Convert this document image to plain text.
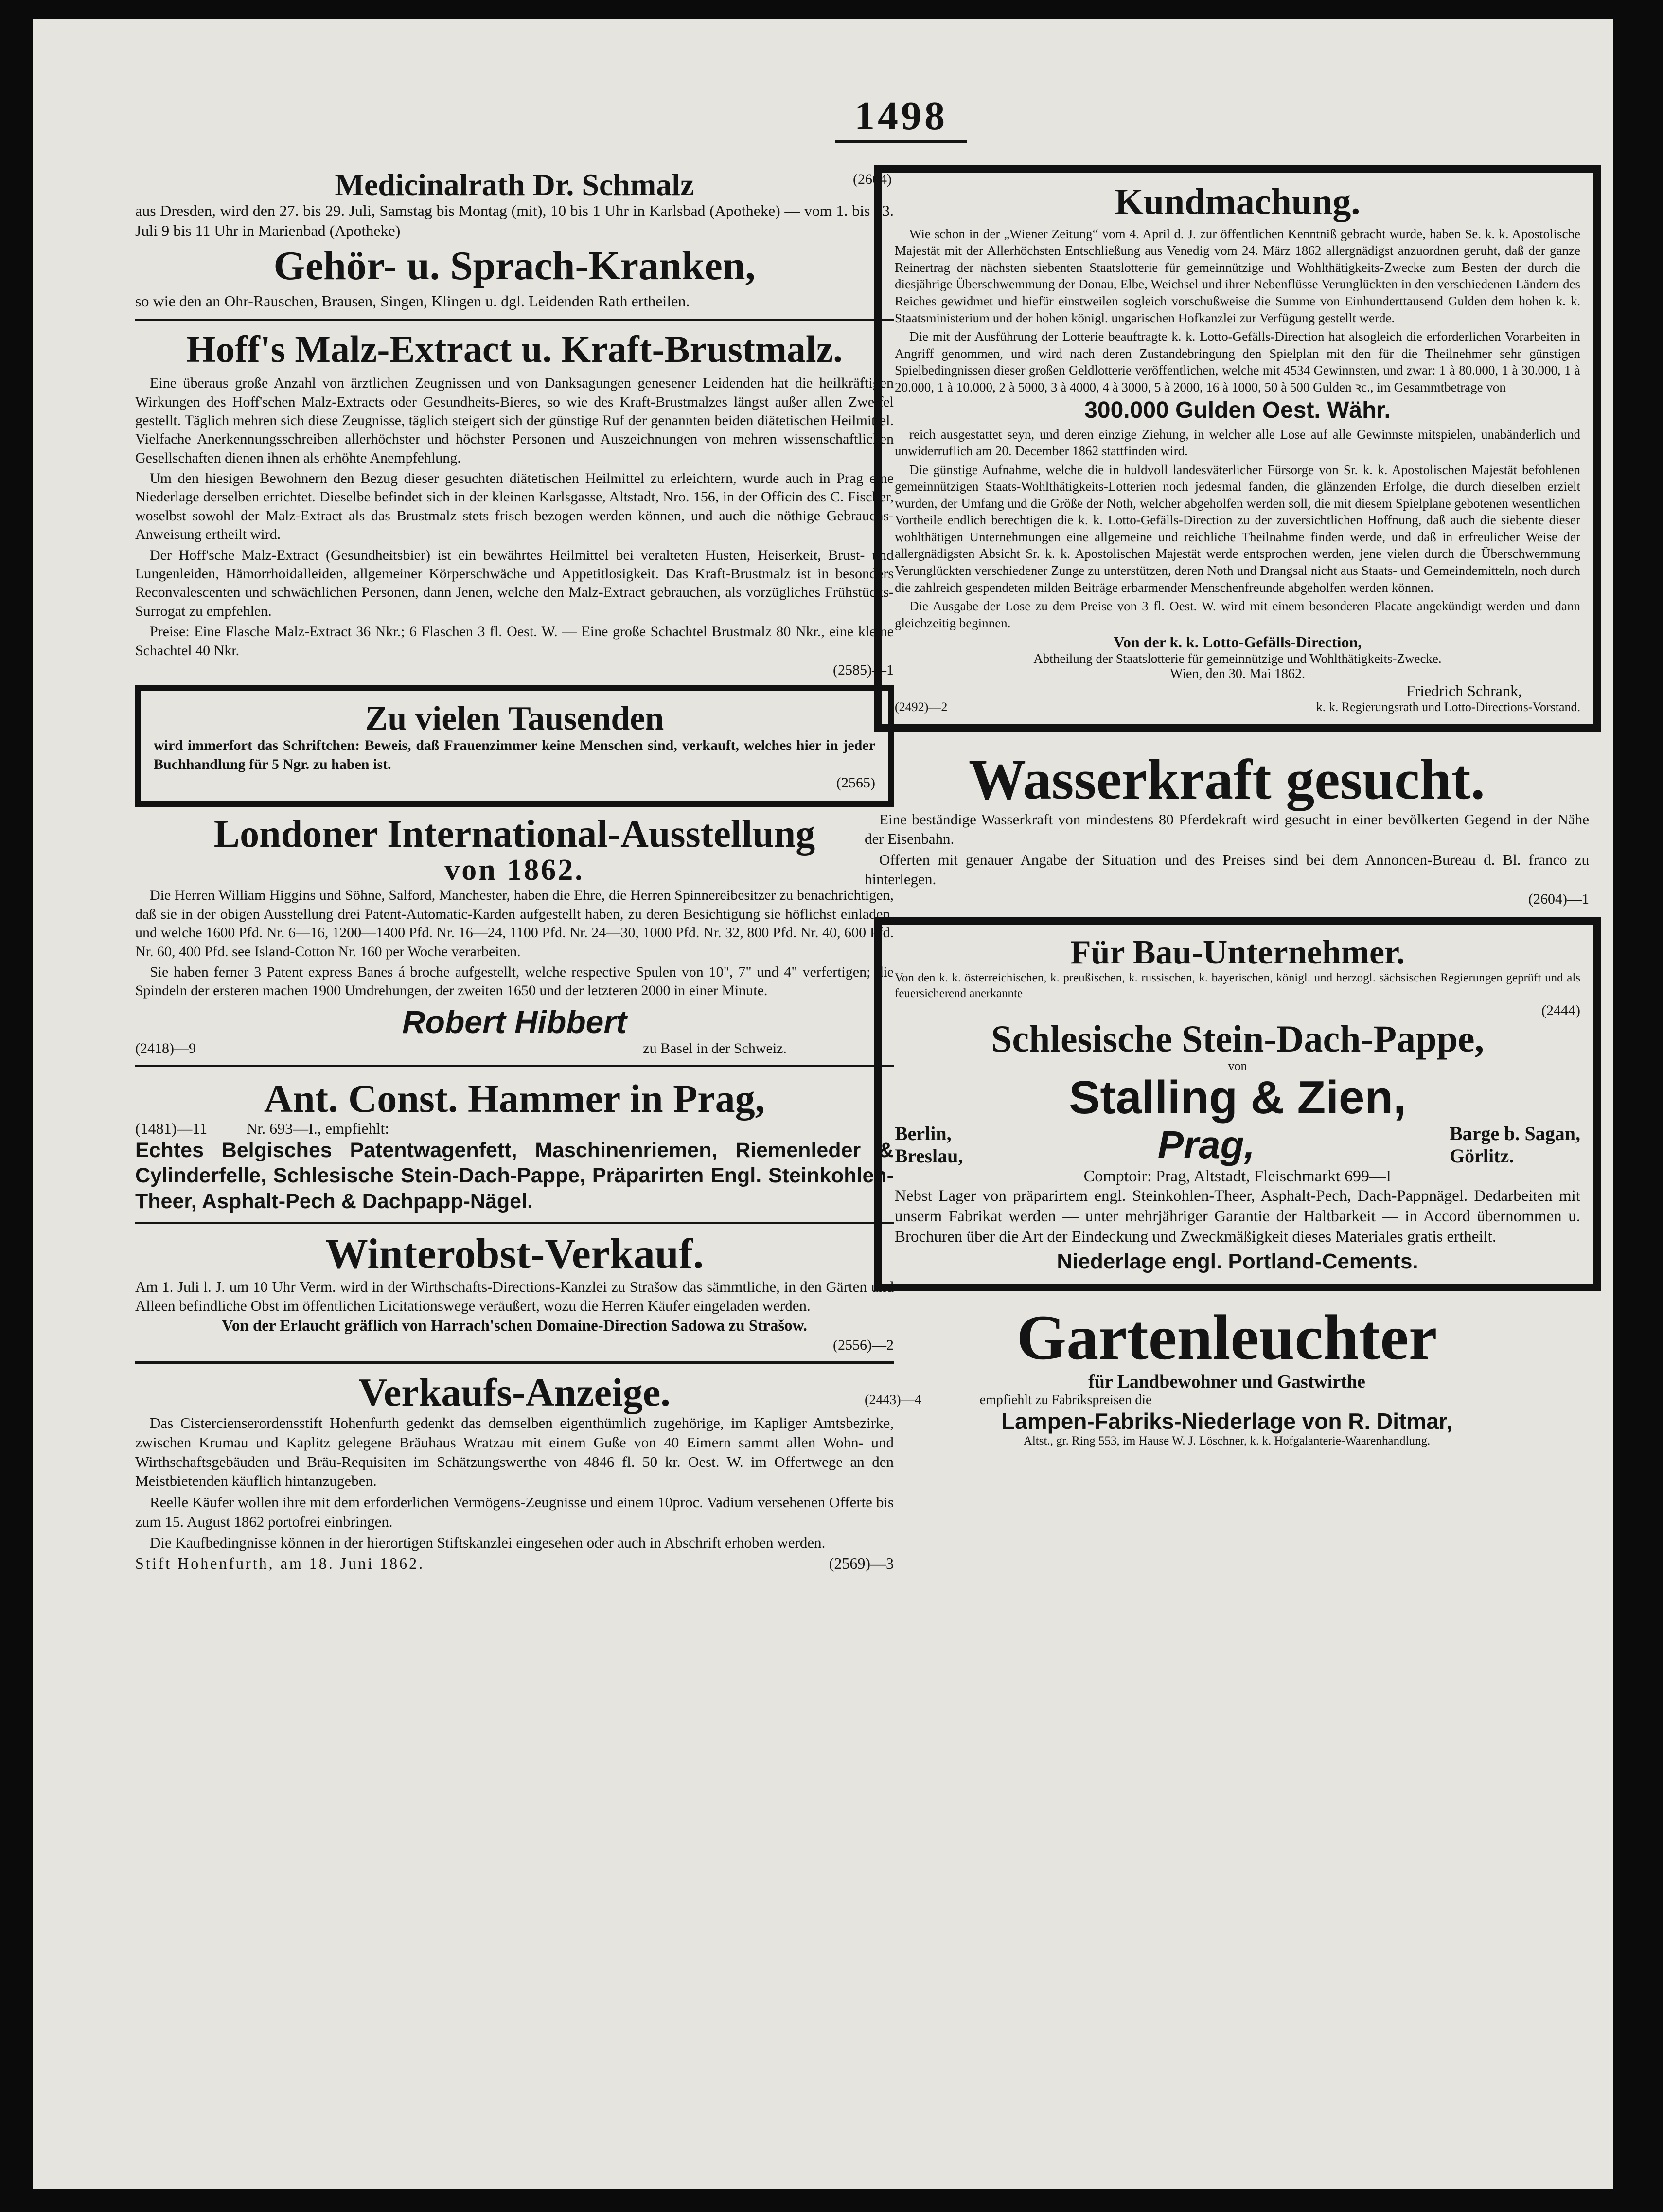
1498
Medicinalrath Dr. Schmalz	(2604)
aus Dresden, wird den 27. bis 29. Juli, Samstag bis Montag (mit), 10 bis 1 Uhr in Karlsbad (Apotheke) — vom 1. bis 23. Juli 9 bis 11 Uhr in Marienbad (Apotheke)
Gehör- u. Sprach-Kranken,
so wie den an Ohr-Rauschen, Brausen, Singen, Klingen u. dgl. Leidenden Rath ertheilen.
Hoff's Malz-Extract u. Kraft-Brustmalz.

Eine überaus große Anzahl von ärztlichen Zeugnissen und von Danksagungen genesener Leidenden hat die heilkräftigen Wirkungen des Hoff'schen Malz-Extracts oder Gesundheits-Bieres, so wie des Kraft-Brustmalzes längst außer allen Zweifel gestellt. Täglich mehren sich diese Zeugnisse, täglich steigert sich der günstige Ruf der genannten beiden diätetischen Heilmittel. Vielfache Anerkennungsschreiben allerhöchster und höchster Personen und Auszeichnungen von mehren wissenschaftlichen Gesellschaften dienen ihnen als erhöhte Anempfehlung.

Um den hiesigen Bewohnern den Bezug dieser gesuchten diätetischen Heilmittel zu erleichtern, wurde auch in Prag eine Niederlage derselben errichtet. Dieselbe befindet sich in der kleinen Karlsgasse, Altstadt, Nro. 156, in der Officin des C. Fischer, woselbst sowohl der Malz-Extract als das Brustmalz stets frisch bezogen werden können, und auch die nöthige Gebrauchs-Anweisung ertheilt wird.

Der Hoff'sche Malz-Extract (Gesundheitsbier) ist ein bewährtes Heilmittel bei veralteten Husten, Heiserkeit, Brust- und Lungenleiden, Hämorrhoidalleiden, allgemeiner Körperschwäche und Appetitlosigkeit. Das Kraft-Brustmalz ist in besonders Reconvalescenten und schwächlichen Personen, dann Jenen, welche den Malz-Extract gebrauchen, als vorzügliches Frühstücks-Surrogat zu empfehlen.

Preise: Eine Flasche Malz-Extract 36 Nkr.; 6 Flaschen 3 fl. Oest. W. — Eine große Schachtel Brustmalz 80 Nkr., eine kleine Schachtel 40 Nkr.

(2585)—1
Zu vielen Tausenden
wird immerfort das Schriftchen: Beweis, daß Frauenzimmer keine Menschen sind, verkauft, welches hier in jeder Buchhandlung für 5 Ngr. zu haben ist.
(2565)
Londoner International-Ausstellung
von 1862.

Die Herren William Higgins und Söhne, Salford, Manchester, haben die Ehre, die Herren Spinnereibesitzer zu benachrichtigen, daß sie in der obigen Ausstellung drei Patent-Automatic-Karden aufgestellt haben, zu deren Besichtigung sie höflichst einladen, und welche 1600 Pfd. Nr. 6—16, 1200—1400 Pfd. Nr. 16—24, 1100 Pfd. Nr. 24—30, 1000 Pfd. Nr. 32, 800 Pfd. Nr. 40, 600 Pfd. Nr. 60, 400 Pfd. see Island-Cotton Nr. 160 per Woche verarbeiten.

Sie haben ferner 3 Patent express Banes á broche aufgestellt, welche respective Spulen von 10", 7" und 4" verfertigen; die Spindeln der ersteren machen 1900 Umdrehungen, der zweiten 1650 und der letzteren 2000 in einer Minute.

Robert Hibbert
(2418)—9	zu Basel in der Schweiz.
Ant. Const. Hammer in Prag,
(1481)—11	Nr. 693—I., empfiehlt:
Echtes Belgisches Patentwagenfett, Maschinenriemen, Riemenleder & Cylinderfelle, Schlesische Stein-Dach-Pappe, Präparirten Engl. Steinkohlen-Theer, Asphalt-Pech & Dachpapp-Nägel.
Winterobst-Verkauf.
Am 1. Juli l. J. um 10 Uhr Verm. wird in der Wirthschafts-Directions-Kanzlei zu Strašow das sämmtliche, in den Gärten und Alleen befindliche Obst im öffentlichen Licitationswege veräußert, wozu die Herren Käufer eingeladen werden.
Von der Erlaucht gräflich von Harrach'schen Domaine-Direction Sadowa zu Strašow.
(2556)—2
Verkaufs-Anzeige.

Das Cistercienserordensstift Hohenfurth gedenkt das demselben eigenthümlich zugehörige, im Kapliger Amtsbezirke, zwischen Krumau und Kaplitz gelegene Bräuhaus Wratzau mit einem Guße von 40 Eimern sammt allen Wohn- und Wirthschaftsgebäuden und Bräu-Requisiten im Schätzungswerthe von 4846 fl. 50 kr. Oest. W. im Offertwege an den Meistbietenden käuflich hintanzugeben.

Reelle Käufer wollen ihre mit dem erforderlichen Vermögens-Zeugnisse und einem 10proc. Vadium versehenen Offerte bis zum 15. August 1862 portofrei einbringen.

Die Kaufbedingnisse können in der hierortigen Stiftskanzlei eingesehen oder auch in Abschrift erhoben werden.

Stift Hohenfurth, am 18. Juni 1862.	(2569)—3
Kundmachung.

Wie schon in der „Wiener Zeitung“ vom 4. April d. J. zur öffentlichen Kenntniß gebracht wurde, haben Se. k. k. Apostolische Majestät mit der Allerhöchsten Entschließung aus Venedig vom 24. März 1862 allergnädigst anzuordnen geruht, daß der ganze Reinertrag der nächsten siebenten Staatslotterie für gemeinnützige und Wohlthätigkeits-Zwecke zum Besten der durch die diesjährige Überschwemmung der Donau, Elbe, Weichsel und ihrer Nebenflüsse Verunglückten in den verschiedenen Ländern des Reiches gewidmet und hiefür einstweilen sogleich vorschußweise die Summe von Einhunderttausend Gulden dem hohen k. k. Staatsministerium und der hohen königl. ungarischen Hofkanzlei zur Verfügung gestellt werde.

Die mit der Ausführung der Lotterie beauftragte k. k. Lotto-Gefälls-Direction hat alsogleich die erforderlichen Vorarbeiten in Angriff genommen, und wird nach deren Zustandebringung den Spielplan mit den für die Theilnehmer sehr günstigen Spielbedingnissen dieser großen Geldlotterie veröffentlichen, welche mit 4534 Gewinnsten, und zwar: 1 à 80.000, 1 à 30.000, 1 à 20.000, 1 à 10.000, 2 à 5000, 3 à 4000, 4 à 3000, 5 à 2000, 16 à 1000, 50 à 500 Gulden ꝛc., im Gesammtbetrage von

300.000 Gulden Oest. Währ.

reich ausgestattet seyn, und deren einzige Ziehung, in welcher alle Lose auf alle Gewinnste mitspielen, unabänderlich und unwiderruflich am 20. December 1862 stattfinden wird.

Die günstige Aufnahme, welche die in huldvoll landesväterlicher Fürsorge von Sr. k. k. Apostolischen Majestät befohlenen gemeinnützigen Staats-Wohlthätigkeits-Lotterien noch jedesmal fanden, die glänzenden Erfolge, die durch dieselben erzielt wurden, der Umfang und die Größe der Noth, welcher abgeholfen werden soll, die mit diesem Spielplane gebotenen wesentlichen Vortheile endlich berechtigen die k. k. Lotto-Gefälls-Direction zu der zuversichtlichen Hoffnung, daß auch die siebente dieser wohlthätigen Unternehmungen eine allgemeine und reichliche Theilnahme finden werde, und daß in erfreulicher Weise der allergnädigsten Absicht Sr. k. k. Apostolischen Majestät werde entsprochen werden, jene vielen durch die Überschwemmung Verunglückten verschiedener Zunge zu unterstützen, deren Noth und Drangsal nicht aus Staats- und Gemeindemitteln, noch durch die zahlreich gespendeten milden Beiträge erbarmender Menschenfreunde abgeholfen werden können.

Die Ausgabe der Lose zu dem Preise von 3 fl. Oest. W. wird mit einem besonderen Placate angekündigt werden und dann gleichzeitig beginnen.

Von der k. k. Lotto-Gefälls-Direction,
Abtheilung der Staatslotterie für gemeinnützige und Wohlthätigkeits-Zwecke.
Wien, den 30. Mai 1862.
Friedrich Schrank,
(2492)—2	k. k. Regierungsrath und Lotto-Directions-Vorstand.
Wasserkraft gesucht.

Eine beständige Wasserkraft von mindestens 80 Pferdekraft wird gesucht in einer bevölkerten Gegend in der Nähe der Eisenbahn.

Offerten mit genauer Angabe der Situation und des Preises sind bei dem Annoncen-Bureau d. Bl. franco zu hinterlegen.

(2604)—1
Für Bau-Unternehmer.
Von den k. k. österreichischen, k. preußischen, k. russischen, k. bayerischen, königl. und herzogl. sächsischen Regierungen geprüft und als feuersicherend anerkannte
(2444)
Schlesische Stein-Dach-Pappe,
von
Stalling & Zien,
Berlin,
Breslau,	Prag,	Barge b. Sagan,
Görlitz.
Comptoir: Prag, Altstadt, Fleischmarkt 699—I
Nebst Lager von präparirtem engl. Steinkohlen-Theer, Asphalt-Pech, Dach-Pappnägel. Dedarbeiten mit unserm Fabrikat werden — unter mehrjähriger Garantie der Haltbarkeit — in Accord übernommen u. Brochuren über die Art der Eindeckung und Zweckmäßigkeit dieses Materiales gratis ertheilt.
Niederlage engl. Portland-Cements.
Gartenleuchter
für Landbewohner und Gastwirthe
(2443)—4	empfiehlt zu Fabrikspreisen die
Lampen-Fabriks-Niederlage von R. Ditmar,
Altst., gr. Ring 553, im Hause W. J. Löschner, k. k. Hofgalanterie-Waarenhandlung.
